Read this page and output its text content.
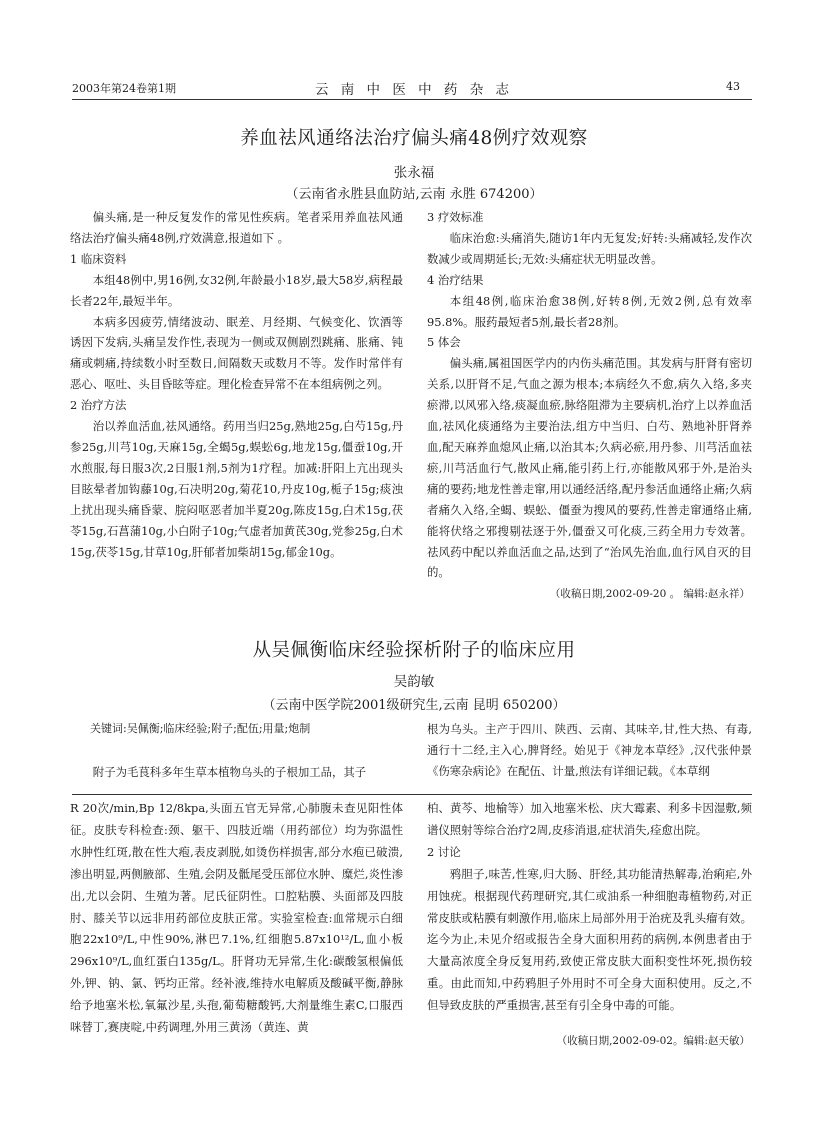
2003年第24卷第1期	云 南 中 医 中 药 杂 志	43
养血祛风通络法治疗偏头痛48例疗效观察
张永福
（云南省永胜县血防站,云南 永胜 674200）

偏头痛,是一种反复发作的常见性疾病。笔者采用养血祛风通络法治疗偏头痛48例,疗效满意,报道如下 。

1 临床资料

本组48例中,男16例,女32例,年龄最小18岁,最大58岁,病程最长者22年,最短半年。

本病多因疲劳,情绪波动、眠差、月经期、气候变化、饮酒等诱因下发病,头痛呈发作性,表现为一侧或双侧剧烈跳痛、胀痛、钝痛或刺痛,持续数小时至数日,间隔数天或数月不等。发作时常伴有恶心、呕吐、头目昏眩等症。理化检查异常不在本组病例之列。

2 治疗方法

治以养血活血,祛风通络。药用当归25g,熟地25g,白芍15g,丹参25g,川芎10g,天麻15g,全蝎5g,蜈蚣6g,地龙15g,僵蚕10g,开水煎服,每日服3次,2日服1剂,5剂为1疗程。加减:肝阳上亢出现头目眩晕者加钩藤10g,石决明20g,菊花10,丹皮10g,栀子15g;痰浊上扰出现头痛昏蒙、脘闷呕恶者加半夏20g,陈皮15g,白术15g,茯苓15g,石菖蒲10g,小白附子10g;气虚者加黄芪30g,党参25g,白术15g,茯苓15g,甘草10g,肝郁者加柴胡15g,郁金10g。

3 疗效标准

临床治愈:头痛消失,随访1年内无复发;好转:头痛减轻,发作次数减少或周期延长;无效:头痛症状无明显改善。

4 治疗结果

本组48例,临床治愈38例,好转8例,无效2例,总有效率95.8%。服药最短者5剂,最长者28剂。

5 体会

偏头痛,属祖国医学内的内伤头痛范围。其发病与肝肾有密切关系,以肝肾不足,气血之源为根本;本病经久不愈,病久入络,多夹瘀滞,以风邪入络,痰凝血瘀,脉络阻滞为主要病机,治疗上以养血活血,祛风化痰通络为主要治法,组方中当归、白芍、熟地补肝肾养血,配天麻养血熄风止痛,以治其本;久病必瘀,用丹参、川芎活血祛瘀,川芎活血行气,散风止痛,能引药上行,亦能散风邪于外,是治头痛的要药;地龙性善走窜,用以通经活络,配丹参活血通络止痛;久病者痛久入络,全蝎、蜈蚣、僵蚕为搜风的要药,性善走窜通络止痛,能将伏络之邪搜剔祛逐于外,僵蚕又可化痰,三药全用力专效著。祛风药中配以养血活血之品,达到了“治风先治血,血行风自灭的目的。

（收稿日期,2002-09-20 。 编辑:赵永祥）
从吴佩衡临床经验探析附子的临床应用
吴韵敏
（云南中医学院2001级研究生,云南 昆明 650200）
关键词:吴佩衡;临床经验;附子;配伍;用量;炮制
附子为毛茛科多年生草本植物乌头的子根加工品，其子
根为乌头。主产于四川、陕西、云南、其味辛,甘,性大热、有毒,通行十二经,主入心,脾肾经。始见于《神龙本草经》,汉代张仲景《伤寒杂病论》在配伍、计量,煎法有详细记载。《本草纲

R 20次/min,Bp 12/8kpa,头面五官无异常,心肺腹未查见阳性体征。皮肤专科检查:颈、躯干、四肢近端（用药部位）均为弥温性水肿性红斑,散在性大疱,表皮剥脱,如烫伤样损害,部分水疱已破溃,渗出明显,两侧腋部、生殖,会阴及骶尾受压部位水肿、糜烂,炎性渗出,尤以会阴、生殖为著。尼氏征阴性。口腔粘膜、头面部及四肢肘、膝关节以远非用药部位皮肤正常。实验室检查:血常规示白细胞22x10⁹/L,中性90%,淋巴7.1%,红细胞5.87x10¹²/L,血小板296x10⁹/L,血红蛋白135g/L。肝肾功无异常,生化:碳酸氢根偏低外,钾、钠、氯、钙均正常。经补液,维持水电解质及酸碱平衡,静脉给予地塞米松,氧氟沙星,头孢,葡萄糖酸钙,大剂量维生素C,口服西咪替丁,赛庚啶,中药调理,外用三黄汤（黄连、黄

柏、黄芩、地榆等）加入地塞米松、庆大霉素、利多卡因湿敷,频谱仪照射等综合治疗2周,皮疹消退,症状消失,痊愈出院。

2 讨论

鸦胆子,味苦,性寒,归大肠、肝经,其功能清热解毒,治痢疟,外用蚀疣。根据现代药理研究,其仁或油系一种细胞毒植物药,对正常皮肤或粘膜有刺激作用,临床上局部外用于治疣及乳头瘤有效。迄今为止,未见介绍或报告全身大面积用药的病例,本例患者由于大量高浓度全身反复用药,致使正常皮肤大面积变性坏死,损伤较重。由此而知,中药鸦胆子外用时不可全身大面积使用。反之,不但导致皮肤的严重损害,甚至有引全身中毒的可能。

（收稿日期,2002-09-02。编辑:赵天敏）
